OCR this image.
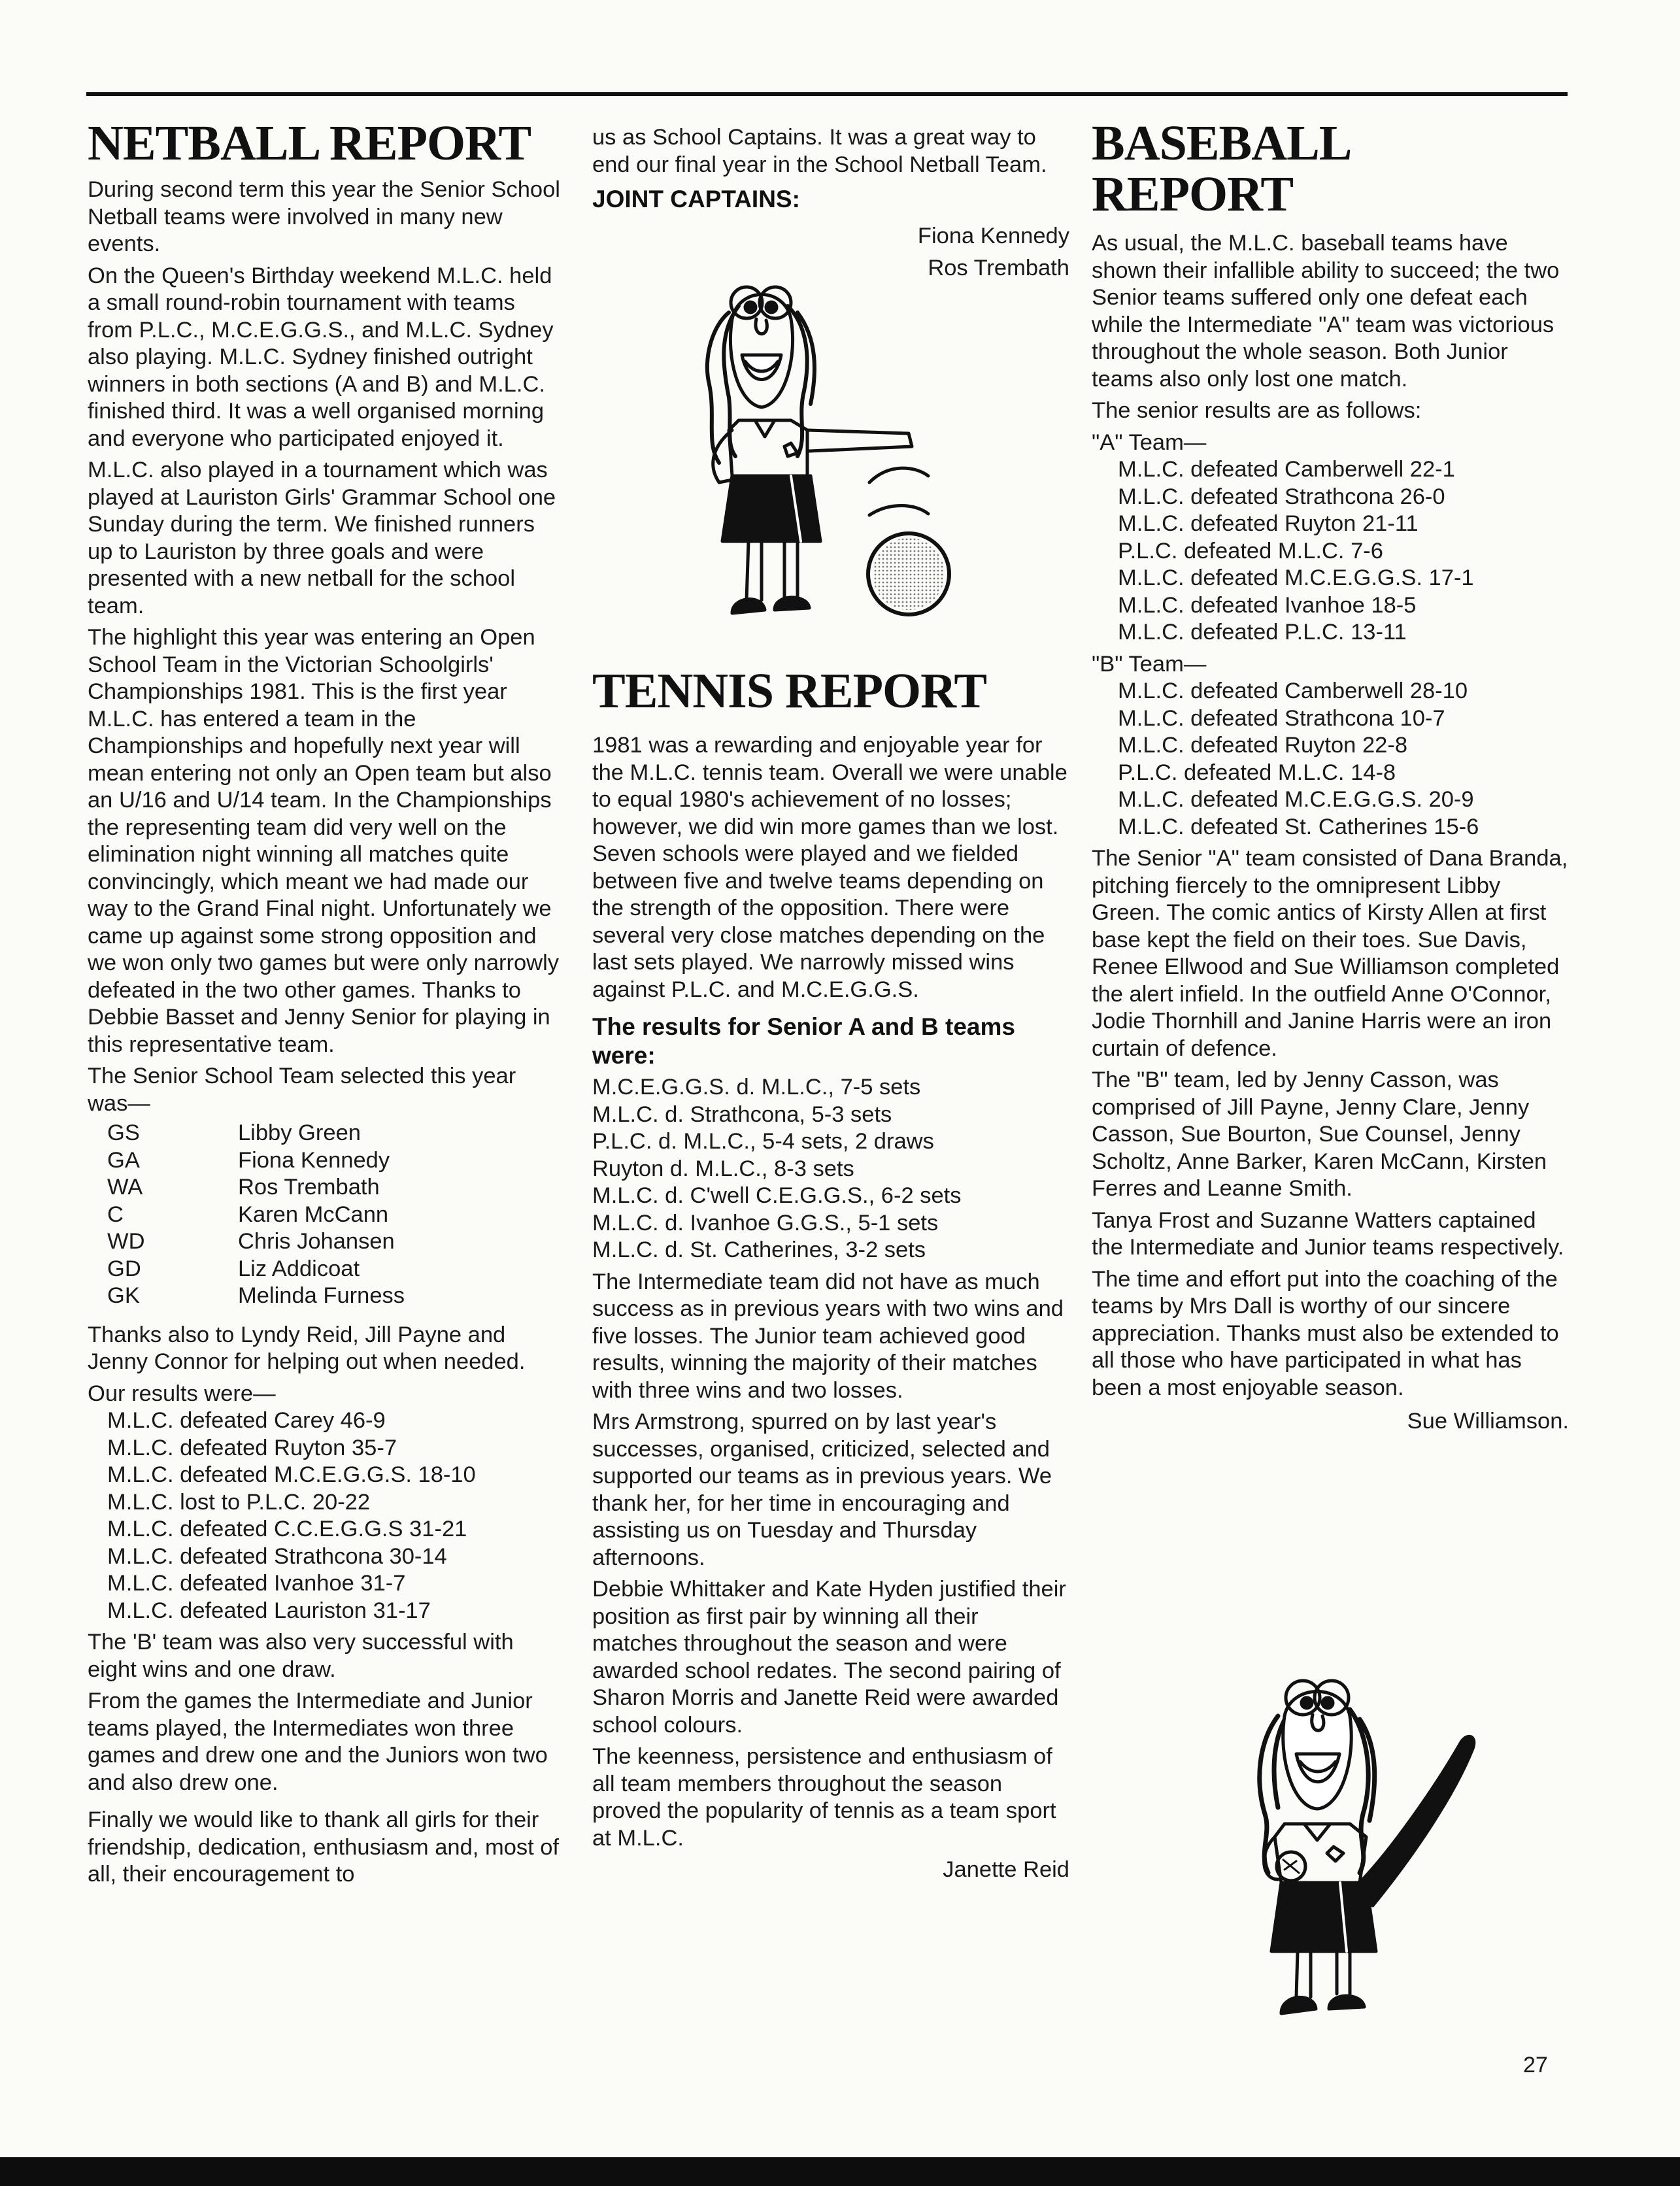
NETBALL REPORT

During second term this year the Senior School Netball teams were involved in many new events.

On the Queen's Birthday weekend M.L.C. held a small round-robin tournament with teams from P.L.C., M.C.E.G.G.S., and M.L.C. Sydney also playing. M.L.C. Sydney finished outright winners in both sections (A and B) and M.L.C. finished third. It was a well organised morning and everyone who participated enjoyed it.

M.L.C. also played in a tournament which was played at Lauriston Girls' Grammar School one Sunday during the term. We finished runners up to Lauriston by three goals and were presented with a new netball for the school team.

The highlight this year was entering an Open School Team in the Victorian Schoolgirls' Championships 1981. This is the first year M.L.C. has entered a team in the Championships and hopefully next year will mean entering not only an Open team but also an U/16 and U/14 team. In the Championships the representing team did very well on the elimination night winning all matches quite convincingly, which meant we had made our way to the Grand Final night. Unfortunately we came up against some strong opposition and we won only two games but were only narrowly defeated in the two other games. Thanks to Debbie Basset and Jenny Senior for playing in this representative team.

The Senior School Team selected this year was—

GS	Libby Green
GA	Fiona Kennedy
WA	Ros Trembath
C	Karen McCann
WD	Chris Johansen
GD	Liz Addicoat
GK	Melinda Furness

Thanks also to Lyndy Reid, Jill Payne and Jenny Connor for helping out when needed.

Our results were—

M.L.C. defeated Carey 46-9
M.L.C. defeated Ruyton 35-7
M.L.C. defeated M.C.E.G.G.S. 18-10
M.L.C. lost to P.L.C. 20-22
M.L.C. defeated C.C.E.G.G.S 31-21
M.L.C. defeated Strathcona 30-14
M.L.C. defeated Ivanhoe 31-7
M.L.C. defeated Lauriston 31-17

The 'B' team was also very successful with eight wins and one draw.

From the games the Intermediate and Junior teams played, the Intermediates won three games and drew one and the Juniors won two and also drew one.

Finally we would like to thank all girls for their friendship, dedication, enthusiasm and, most of all, their encouragement to

us as School Captains. It was a great way to end our final year in the School Netball Team.

JOINT CAPTAINS:

Fiona Kennedy

Ros Trembath

TENNIS REPORT

1981 was a rewarding and enjoyable year for the M.L.C. tennis team. Overall we were unable to equal 1980's achievement of no losses; however, we did win more games than we lost. Seven schools were played and we fielded between five and twelve teams depending on the strength of the opposition. There were several very close matches depending on the last sets played. We narrowly missed wins against P.L.C. and M.C.E.G.G.S.

The results for Senior A and B teams were:
M.C.E.G.G.S. d. M.L.C., 7-5 sets
M.L.C. d. Strathcona, 5-3 sets
P.L.C. d. M.L.C., 5-4 sets, 2 draws
Ruyton d. M.L.C., 8-3 sets
M.L.C. d. C'well C.E.G.G.S., 6-2 sets
M.L.C. d. Ivanhoe G.G.S., 5-1 sets
M.L.C. d. St. Catherines, 3-2 sets

The Intermediate team did not have as much success as in previous years with two wins and five losses. The Junior team achieved good results, winning the majority of their matches with three wins and two losses.

Mrs Armstrong, spurred on by last year's successes, organised, criticized, selected and supported our teams as in previous years. We thank her, for her time in encouraging and assisting us on Tuesday and Thursday afternoons.

Debbie Whittaker and Kate Hyden justified their position as first pair by winning all their matches throughout the season and were awarded school redates. The second pairing of Sharon Morris and Janette Reid were awarded school colours.

The keenness, persistence and enthusiasm of all team members throughout the season proved the popularity of tennis as a team sport at M.L.C.

Janette Reid

BASEBALL
REPORT

As usual, the M.L.C. baseball teams have shown their infallible ability to succeed; the two Senior teams suffered only one defeat each while the Intermediate "A" team was victorious throughout the whole season. Both Junior teams also only lost one match.

The senior results are as follows:

"A" Team—
M.L.C. defeated Camberwell 22-1
M.L.C. defeated Strathcona 26-0
M.L.C. defeated Ruyton 21-11
P.L.C. defeated M.L.C. 7-6
M.L.C. defeated M.C.E.G.G.S. 17-1
M.L.C. defeated Ivanhoe 18-5
M.L.C. defeated P.L.C. 13-11
"B" Team—
M.L.C. defeated Camberwell 28-10
M.L.C. defeated Strathcona 10-7
M.L.C. defeated Ruyton 22-8
P.L.C. defeated M.L.C. 14-8
M.L.C. defeated M.C.E.G.G.S. 20-9
M.L.C. defeated St. Catherines 15-6

The Senior "A" team consisted of Dana Branda, pitching fiercely to the omnipresent Libby Green. The comic antics of Kirsty Allen at first base kept the field on their toes. Sue Davis, Renee Ellwood and Sue Williamson completed the alert infield. In the outfield Anne O'Connor, Jodie Thornhill and Janine Harris were an iron curtain of defence.

The "B" team, led by Jenny Casson, was comprised of Jill Payne, Jenny Clare, Jenny Casson, Sue Bourton, Sue Counsel, Jenny Scholtz, Anne Barker, Karen McCann, Kirsten Ferres and Leanne Smith.

Tanya Frost and Suzanne Watters captained the Intermediate and Junior teams respectively.

The time and effort put into the coaching of the teams by Mrs Dall is worthy of our sincere appreciation. Thanks must also be extended to all those who have participated in what has been a most enjoyable season.

Sue Williamson.

27
